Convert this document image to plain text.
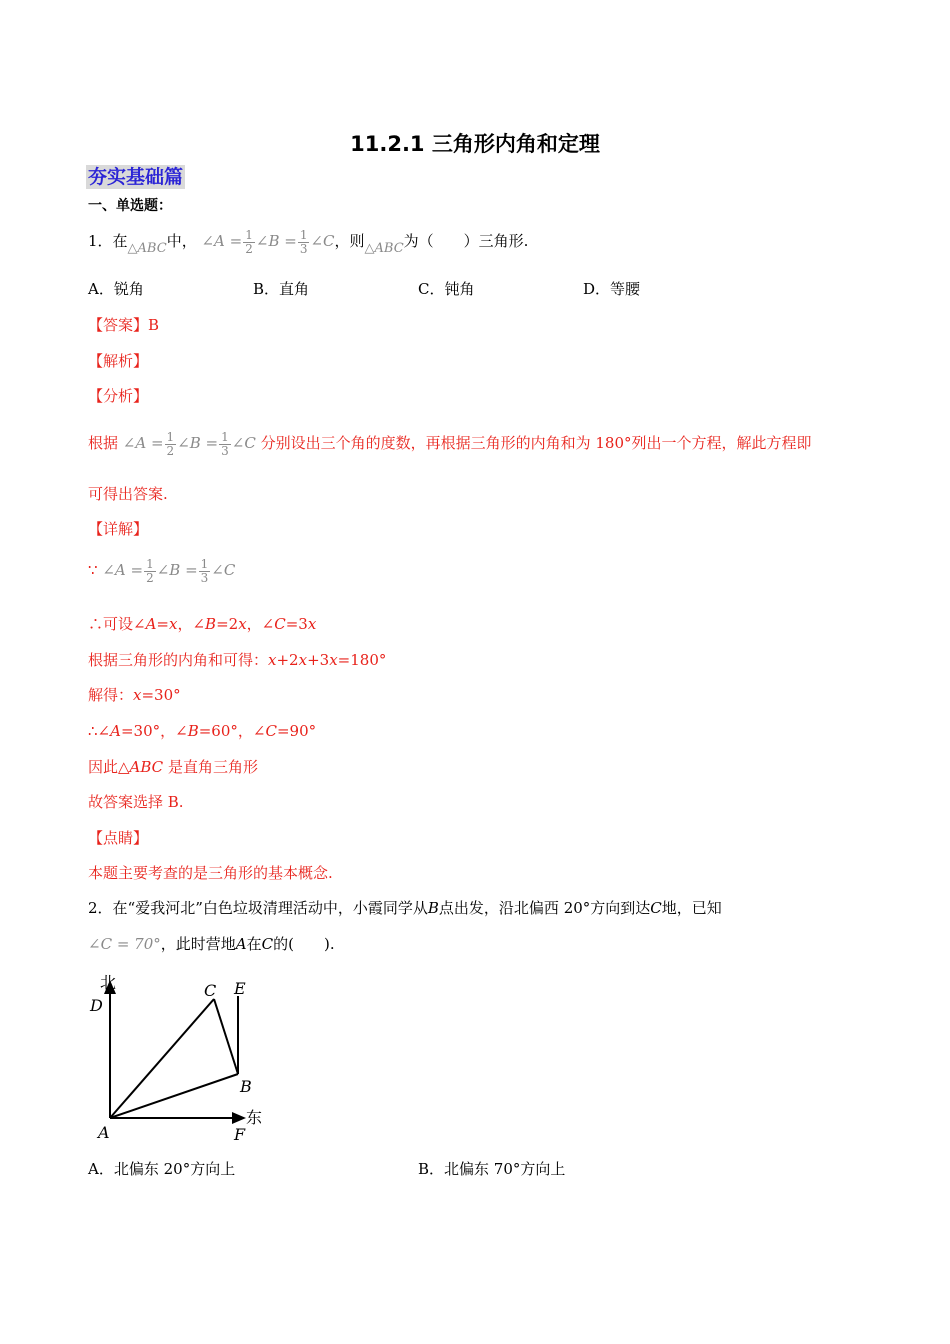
11.2.1 三角形内角和定理
夯实基础篇
一、单选题：
1．在△ABC中， ∠A = $\frac{1}{2}$ ∠B = $\frac{1}{3}$ ∠C，则△ABC为（　　）三角形.
A．锐角	B．直角	C．钝角	D．等腰
【答案】B
【解析】
【分析】
根据 ∠A = $\frac{1}{2}$ ∠B = $\frac{1}{3}$ ∠C 分别设出三个角的度数，再根据三角形的内角和为 180°列出一个方程，解此方程即
可得出答案.
【详解】
∵ ∠A = $\frac{1}{2}$ ∠B = $\frac{1}{3}$ ∠C
∴可设∠A=x，∠B=2x，∠C=3x
根据三角形的内角和可得：x+2x+3x=180°
解得：x=30°
∴∠A=30°，∠B=60°，∠C=90°
因此△ABC 是直角三角形
故答案选择 B.
【点睛】
本题主要考查的是三角形的基本概念.
2．在“爱我河北”白色垃圾清理活动中，小霞同学从B点出发，沿北偏西 20°方向到达C地，已知
∠C = 70°，此时营地A在C的(　　).
北
D
C E
B
A
东
F
A．北偏东 20°方向上	B．北偏东 70°方向上
